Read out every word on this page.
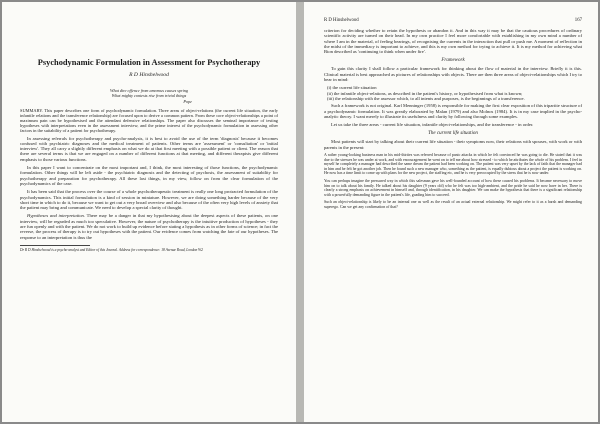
Psychodynamic Formulation in Assessment for Psychotherapy
R D Hinshelwood
What dire offence from amorous causes spring
What mighty contests rise from trivial things
Pope

SUMMARY. This paper describes one form of psychodynamic formulation. Three areas of object-relations (the current life situation, the early infantile relations and the transference relationship) are focused upon to derive a common pattern. From these core object-relationships a point of maximum pain can be hypothesised and the attendant defensive relationships. The paper also discusses the seminal importance of testing hypotheses with interpretations even in the assessment interview, and the prime interest of the psychodynamic formulation in assessing other factors in the suitability of a patient for psychotherapy.

In assessing referrals for psychotherapy and psycho-analysis, it is best to avoid the use of the term 'diagnosis' because it becomes confused with psychiatric diagnoses and the medical treatment of patients. Other terms are 'assessment' or 'consultation' or 'initial interview'. They all carry a slightly different emphasis on what we do at that first meeting with a possible patient or client. The reason that there are several terms is that we are engaged on a number of different functions at that meeting, and different therapists give different emphasis to those various functions.

In this paper I want to concentrate on the most important and, I think, the most interesting of those functions, the psychodynamic formulation. Other things will be left aside - the psychiatric diagnosis and the detecting of psychosis, the assessment of suitability for psychotherapy and preparation for psychotherapy. All these last things, in my view, follow on from the clear formulation of the psychodynamics of the case.

It has been said that the process over the course of a whole psychotherapeutic treatment is really one long protracted formulation of the psychodynamics. This initial formulation is a kind of session in miniature. However, we are doing something harder because of the very short time in which to do it, because we want to get out a very broad overview and also because of the often very high levels of anxiety that the patient may bring and communicate. We need to develop a special clarity of thought.

Hypotheses and interpretation. There may be a danger in that my hypothesising about the deepest aspects of these patients, on one interview, will be regarded as much too speculative. However, the nature of psychotherapy is the intuitive production of hypotheses - they are fun openly and with the patient. We do not work to build up evidence before stating a hypothesis as in other forms of science; in fact the reverse, the process of therapy is to try out hypotheses with the patient. Our evidence comes from watching the fate of our hypotheses. The response to an interpretation is thus the

Dr R D Hinshelwood is a psycho-analyst and Editor of this Journal. Address for correspondence: 18 Avenue Road, London W2
R D Hinshelwood	167

criterion for deciding whether to retain the hypothesis or abandon it. And in this way it may be that the cautious procedures of ordinary scientific activity are turned on their head. In my own practice I feel more comfortable with establishing in my own mind a number of where I am in the material, of feeling bearings, of recognising the currents in the interaction that pull or push me. A moment of reflection in the midst of the immediacy is important to achieve, and this is my own method for trying to achieve it. It is my method for achieving what Bion described as 'continuing to think when under fire'.

Framework

To gain this clarity I shall follow a particular framework for thinking about the flow of material in the interview. Briefly it is this. Clinical material is best approached as pictures of relationships with objects. There are then three areas of object-relationships which I try to bear in mind:

(i) the current life situation
(ii) the infantile object-relations, as described in the patient's history, or hypothesised from what is known;
(iii) the relationship with the assessor which, to all intents and purposes, is the beginnings of a transference.

Such a framework is not original. Karl Menninger (1958) is responsible for making the first clear exposition of this tripartite structure of a psychodynamic formulation. It was greatly elaborated by Malan (1979) and also Molnos (1984). It is in my case implied in the psycho-analytic theory. I want merely to illustrate its usefulness and clarity by following through some examples.

Let us take the three areas - current life situation, infantile object-relationships, and the transference - in order.

The current life situation

Most patients will start by talking about their current life situation - their symptoms now, their relations with spouses, with work or with parents in the present:

A rather young-looking business man in his mid-thirties was referred because of panic attacks in which he felt convinced he was going to die. He stated that it was due to the stresses he was under at work, and with encouragement he went on to tell me about how stressed - to which he attributes the whole of his problem. I feel in myself he completely a manager had described the same dream the patient had been working on. The patient was very upset by the lack of faith that the manager had in him and he felt he got another job. Then he found such a new manager who, something as the patient, is equally dubious about a project the patient is working on. He now has a time limit to come up with plans for the new project, the staffing etc, and he is very preoccupied by the stress that he is now under.

You can perhaps imagine the pressured way in which this salesman gave his well-founded account of how these caused his problems. It became necessary to move him on to talk about his family. He talked about his daughter (9 years old) who he felt was too high-ambient, and the pride he said he now have in her. There is clearly a strong emphasis on achievement in himself and, through identification, in his daughter. We can make the hypothesis that there is a significant relationship with a powerfully demanding figure in the patient's life, goading him to succeed.

Such an object-relationship is likely to be an internal one as well as the result of an actual external relationship. We might refer to it as a harsh and demanding superego. Can we get any confirmation of that?
